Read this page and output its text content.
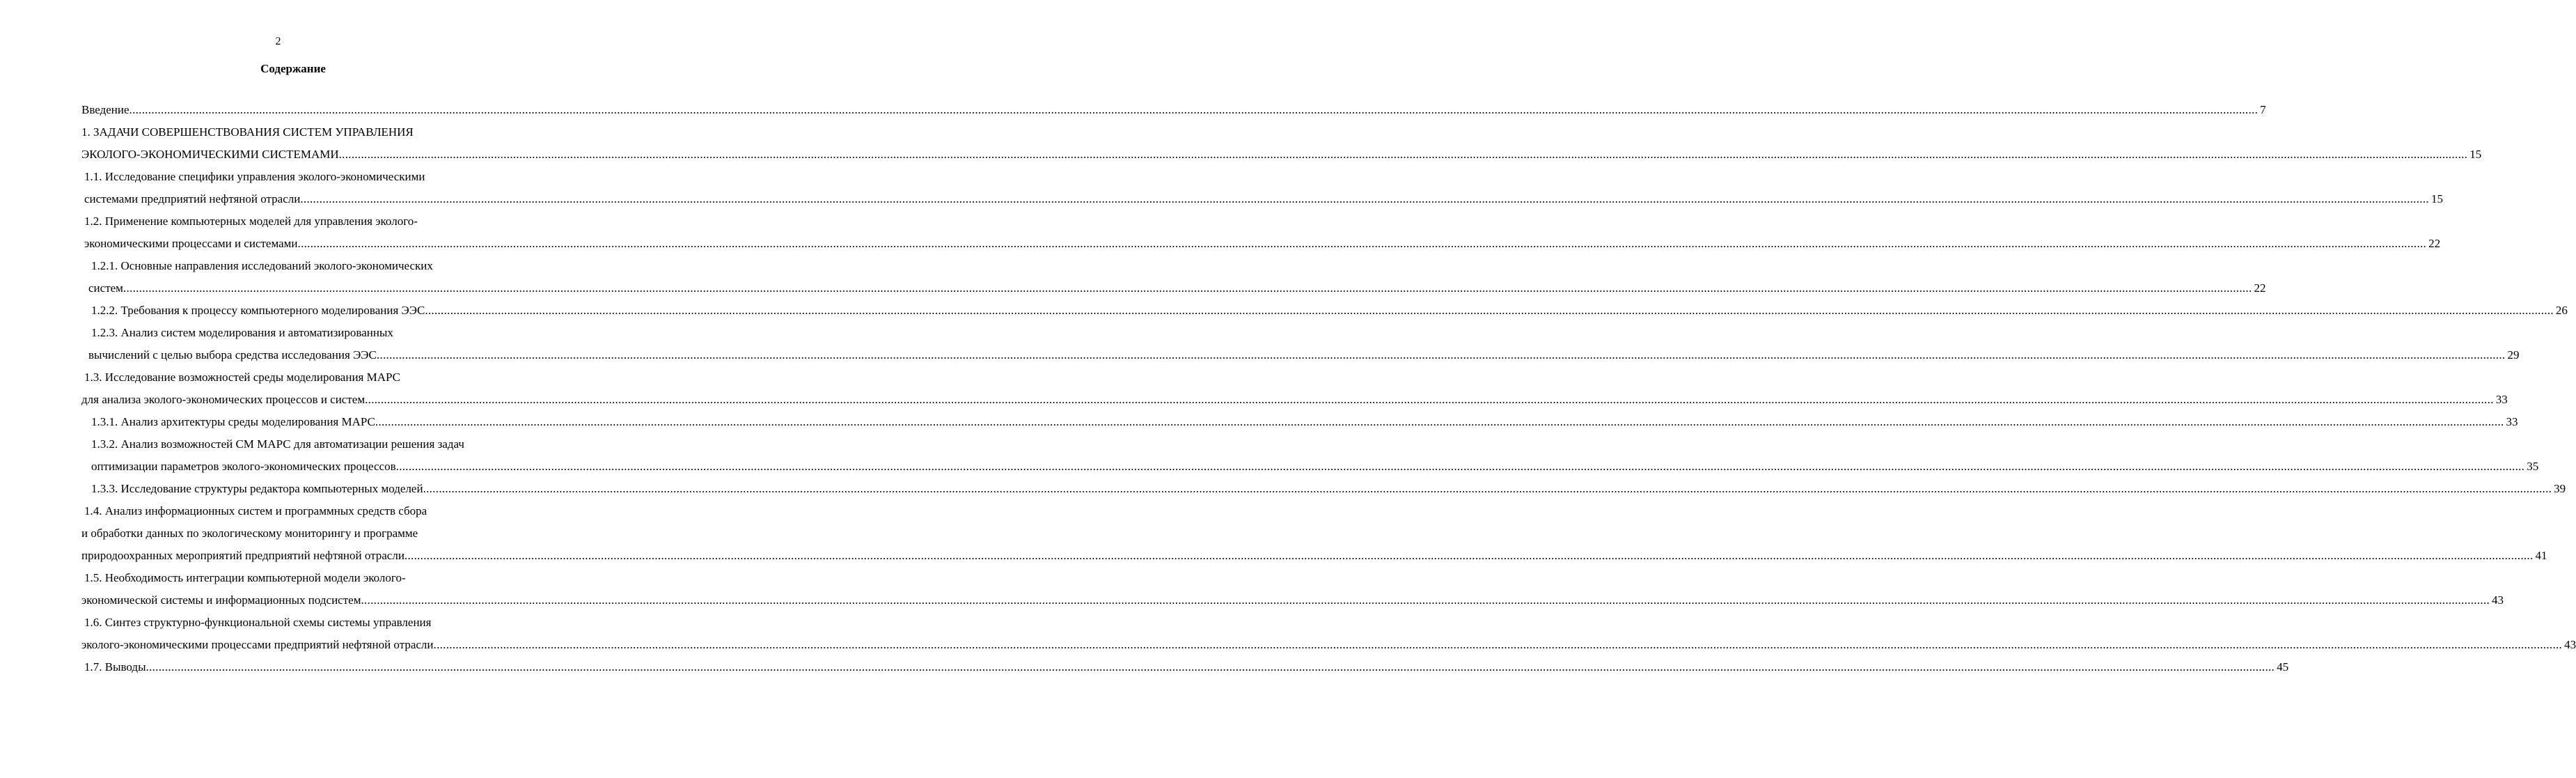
2
Содержание
Введение ................................................................................................................................................................................................................................................................................................................................................................................................................................................................................................................................................................................................................................................................................................ 7
1. ЗАДАЧИ СОВЕРШЕНСТВОВАНИЯ СИСТЕМ УПРАВЛЕНИЯ
ЭКОЛОГО-ЭКОНОМИЧЕСКИМИ СИСТЕМАМИ ................................................................................................................................................................................................................................................................................................................................................................................................................................................................................................................................................................................................................................................................................................ 15
1.1. Исследование специфики управления эколого-экономическими
системами предприятий нефтяной отрасли ................................................................................................................................................................................................................................................................................................................................................................................................................................................................................................................................................................................................................................................................................................ 15
1.2. Применение компьютерных моделей для управления эколого-
экономическими процессами и системами ................................................................................................................................................................................................................................................................................................................................................................................................................................................................................................................................................................................................................................................................................................ 22
1.2.1. Основные направления исследований эколого-экономических
систем ................................................................................................................................................................................................................................................................................................................................................................................................................................................................................................................................................................................................................................................................................................ 22
1.2.2. Требования к процессу компьютерного моделирования ЭЭС ................................................................................................................................................................................................................................................................................................................................................................................................................................................................................................................................................................................................................................................................................................ 26
1.2.3. Анализ систем моделирования и автоматизированных
вычислений с целью выбора средства исследования ЭЭС ................................................................................................................................................................................................................................................................................................................................................................................................................................................................................................................................................................................................................................................................................................ 29
1.3. Исследование возможностей среды моделирования МАРС
для анализа эколого-экономических процессов и систем ................................................................................................................................................................................................................................................................................................................................................................................................................................................................................................................................................................................................................................................................................................ 33
1.3.1. Анализ архитектуры среды моделирования МАРС ................................................................................................................................................................................................................................................................................................................................................................................................................................................................................................................................................................................................................................................................................................ 33
1.3.2. Анализ возможностей СМ МАРС для автоматизации решения задач
оптимизации параметров эколого-экономических процессов ................................................................................................................................................................................................................................................................................................................................................................................................................................................................................................................................................................................................................................................................................................ 35
1.3.3. Исследование структуры редактора компьютерных моделей ................................................................................................................................................................................................................................................................................................................................................................................................................................................................................................................................................................................................................................................................................................ 39
1.4. Анализ информационных систем и программных средств сбора
и обработки данных по экологическому мониторингу и программе
природоохранных мероприятий предприятий нефтяной отрасли ................................................................................................................................................................................................................................................................................................................................................................................................................................................................................................................................................................................................................................................................................................ 41
1.5. Необходимость интеграции компьютерной модели эколого-
экономической системы и информационных подсистем ................................................................................................................................................................................................................................................................................................................................................................................................................................................................................................................................................................................................................................................................................................ 43
1.6. Синтез структурно-функциональной схемы системы управления
эколого-экономическими процессами предприятий нефтяной отрасли ................................................................................................................................................................................................................................................................................................................................................................................................................................................................................................................................................................................................................................................................................................ 43
1.7. Выводы ................................................................................................................................................................................................................................................................................................................................................................................................................................................................................................................................................................................................................................................................................................ 45
